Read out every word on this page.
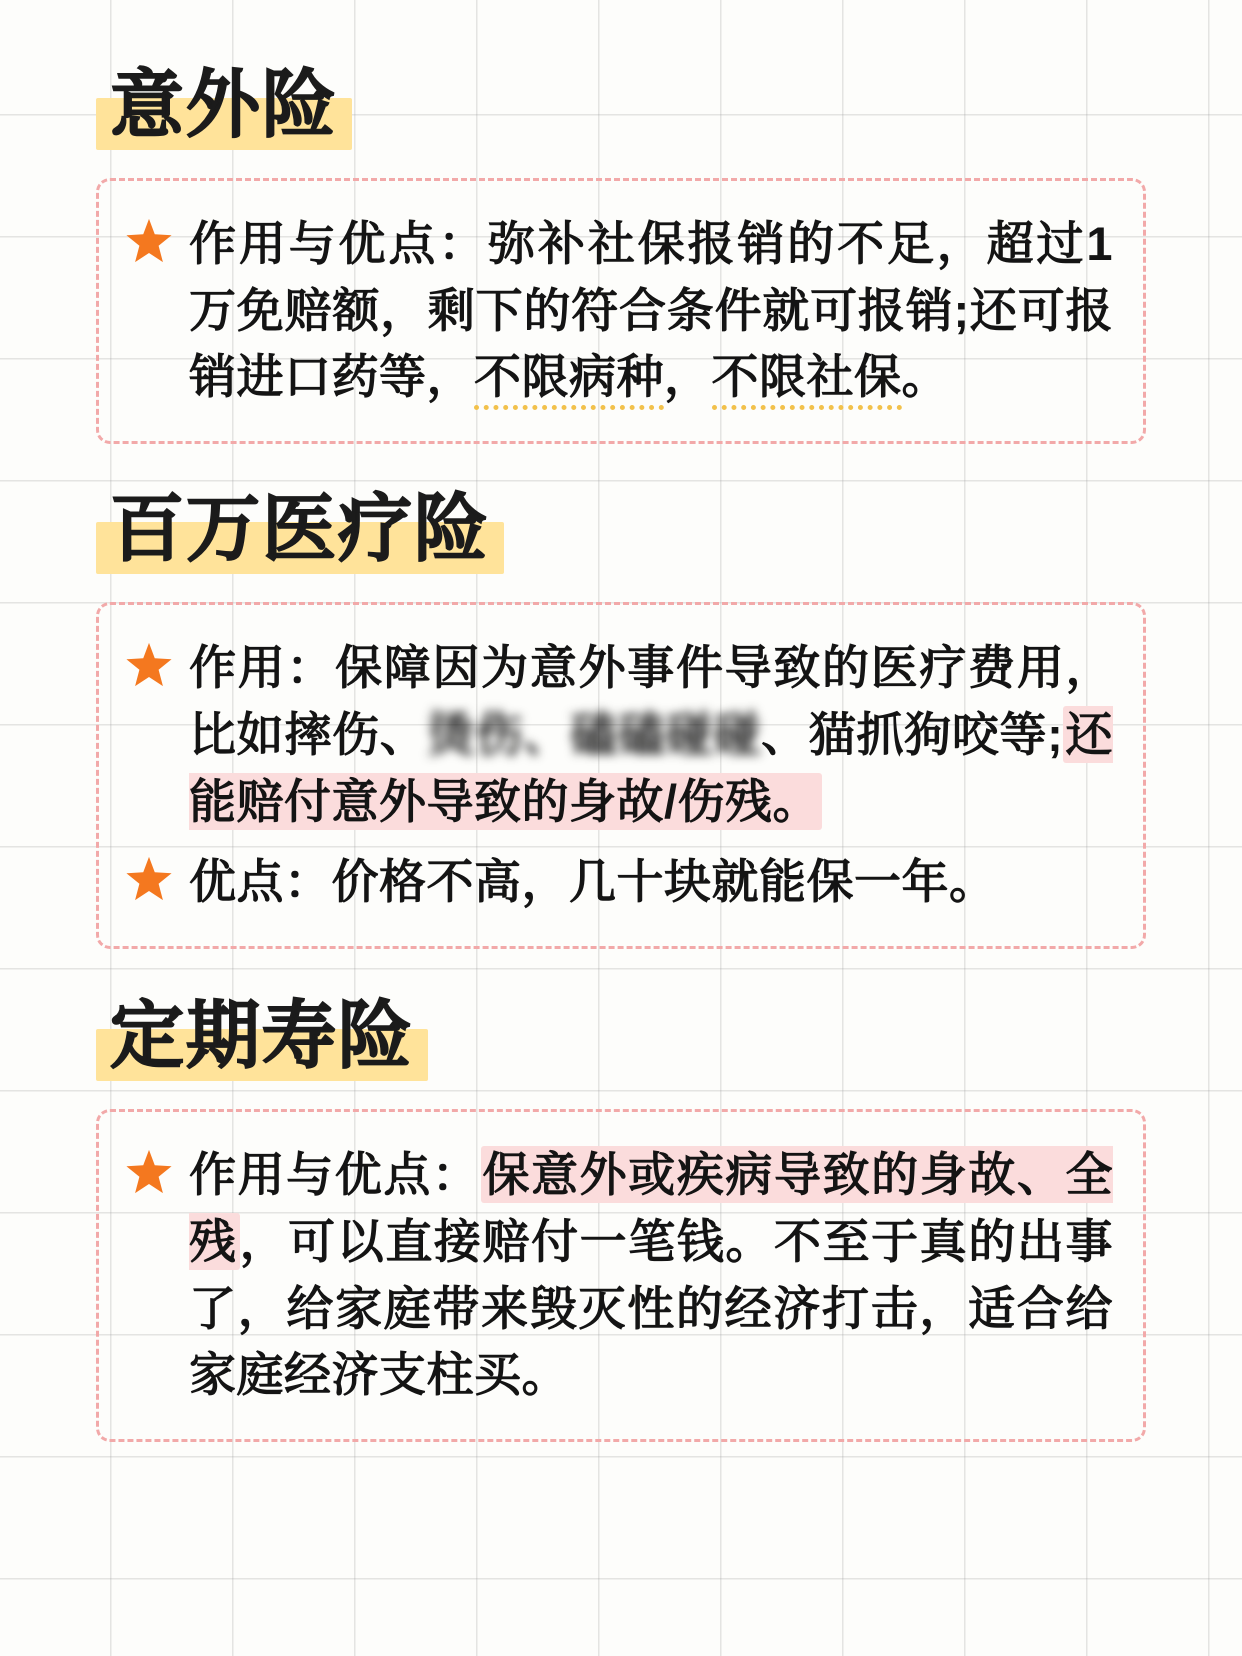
意外险
作用与优点：弥补社保报销的不足，超过1万免赔额，剩下的符合条件就可报销;还可报销进口药等，不限病种，不限社保。
百万医疗险
作用：保障因为意外事件导致的医疗费用，比如摔伤、烫伤、磕磕碰碰、猫抓狗咬等;还能赔付意外导致的身故/伤残。
优点：价格不高，几十块就能保一年。
定期寿险
作用与优点：保意外或疾病导致的身故、全残，可以直接赔付一笔钱。不至于真的出事了，给家庭带来毁灭性的经济打击，适合给家庭经济支柱买。
